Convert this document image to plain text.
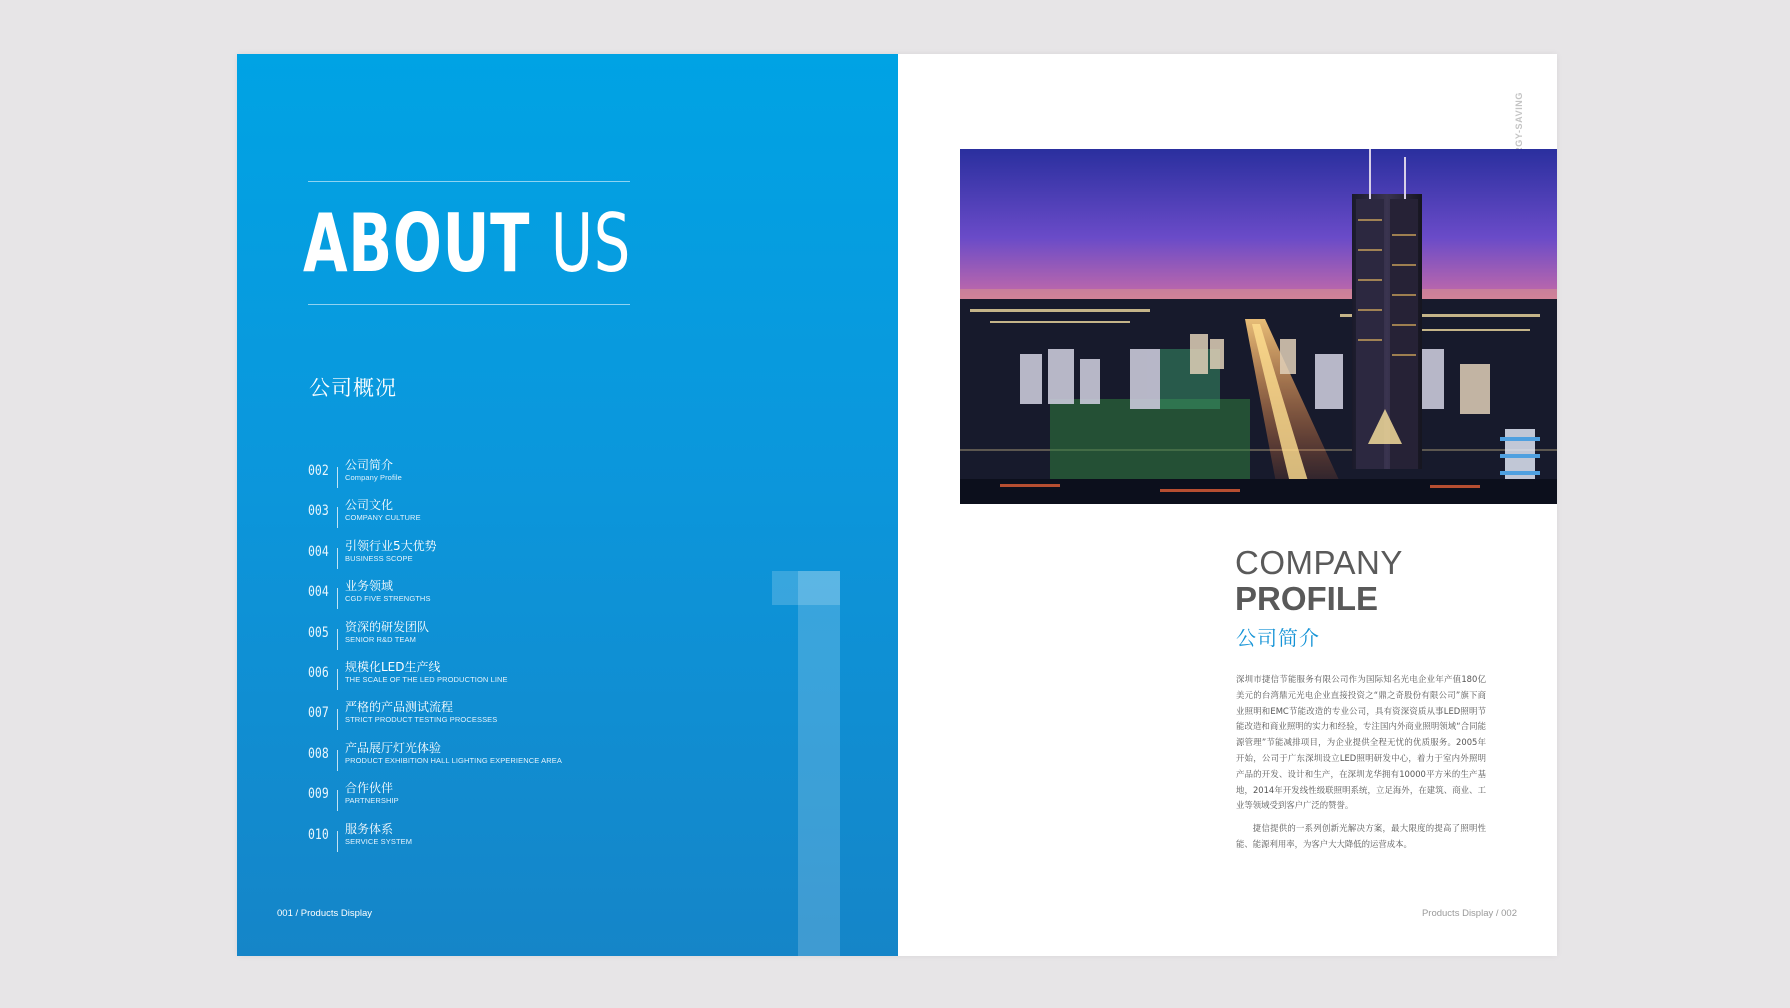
ABOUT US
公司概况
002 公司简介
Company Profile
003 公司文化
COMPANY CULTURE
004 引领行业5大优势
BUSINESS SCOPE
004 业务领域
CGD FIVE STRENGTHS
005 资深的研发团队
SENIOR R&D TEAM
006 规模化LED生产线
THE SCALE OF THE LED PRODUCTION LINE
007 严格的产品测试流程
STRICT PRODUCT TESTING PROCESSES
008 产品展厅灯光体验
PRODUCT EXHIBITION HALL LIGHTING EXPERIENCE AREA
009 合作伙伴
PARTNERSHIP
010 服务体系
SERVICE SYSTEM
001 / Products Display
COMPANY
PROFILE
公司简介

深圳市捷信节能服务有限公司作为国际知名光电企业年产值180亿美元的台湾鼎元光电企业直接投资之“鼎之奇股份有限公司”旗下商业照明和EMC节能改造的专业公司，具有资深资质从事LED照明节能改造和商业照明的实力和经验，专注国内外商业照明领域“合同能源管理”节能减排项目，为企业提供全程无忧的优质服务。2005年开始，公司于广东深圳设立LED照明研发中心，着力于室内外照明产品的开发、设计和生产，在深圳龙华拥有10000平方米的生产基地，2014年开发线性级联照明系统，立足海外，在建筑、商业、工业等领域受到客户广泛的赞誉。

捷信提供的一系列创新光解决方案，最大限度的提高了照明性能、能源利用率，为客户大大降低的运营成本。

Products Display / 002
